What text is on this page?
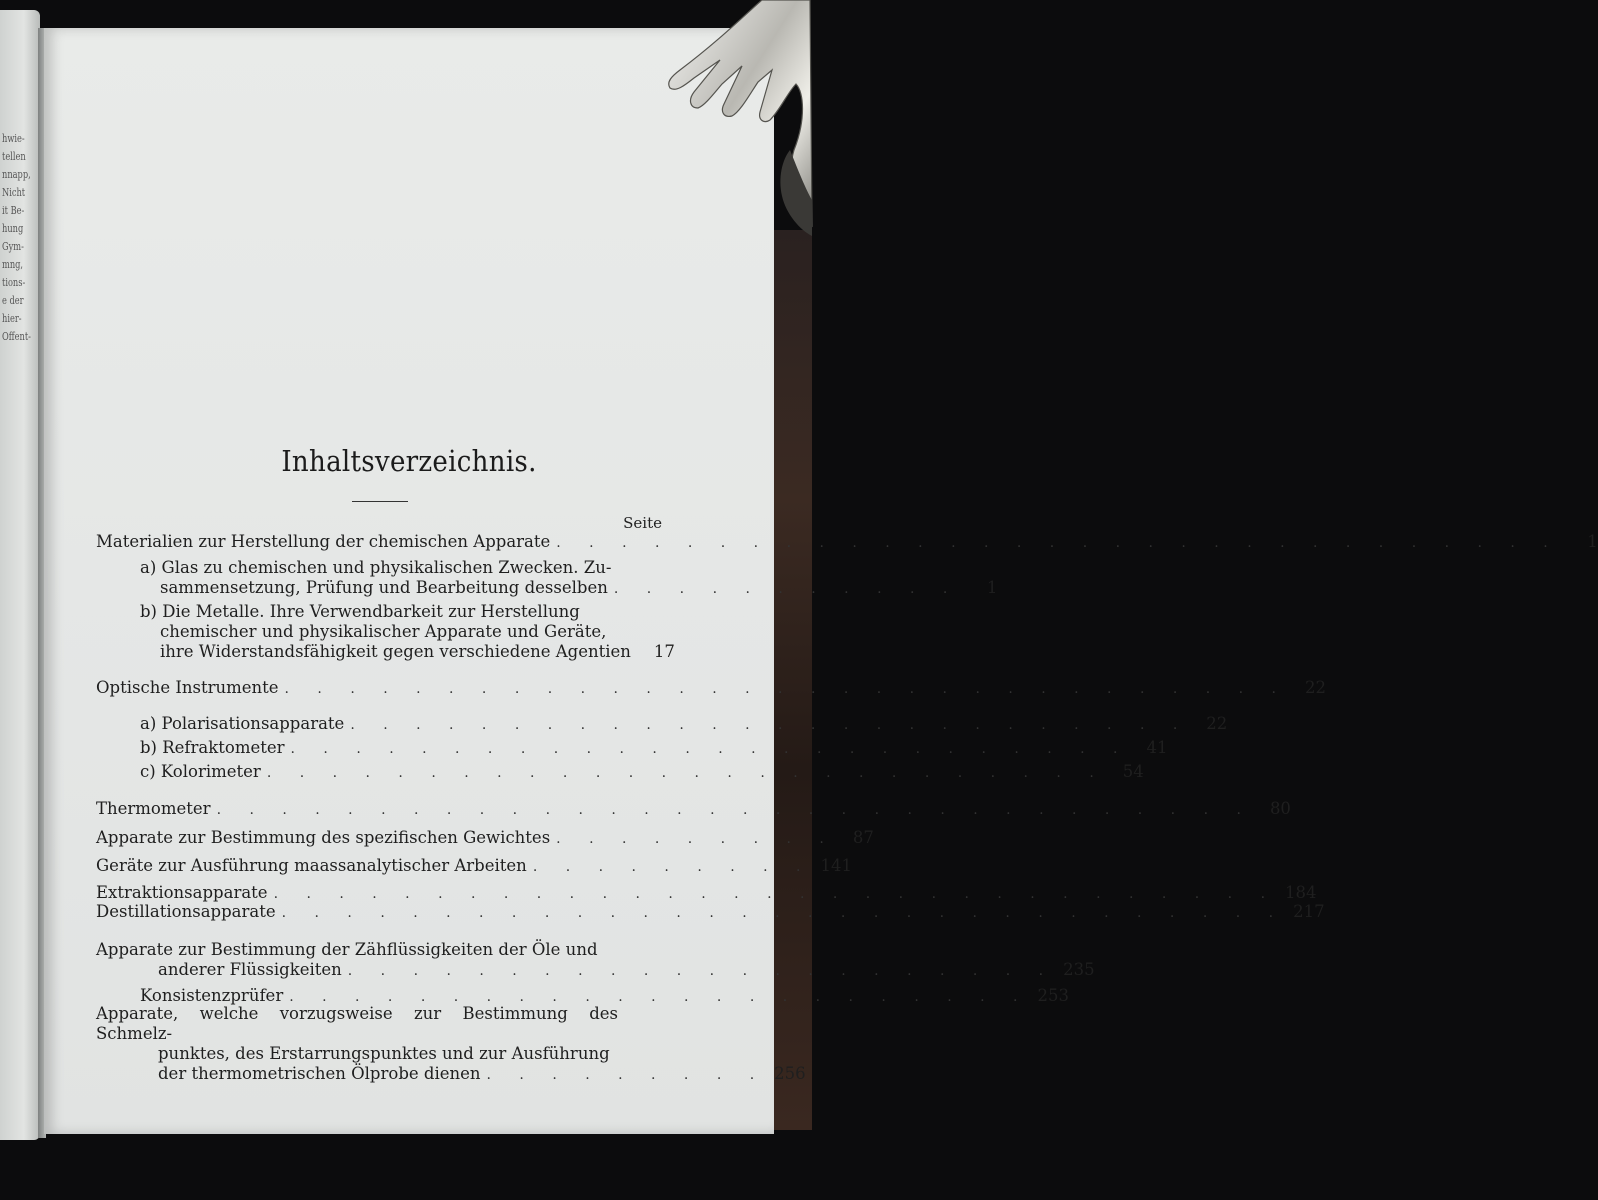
hwie-
tellen
nnapp,
Nicht
it Be-
hung
Gym-
mng,
tions-
e der
hier-
Offent-
Inhaltsverzeichnis.
Seite
Materialien zur Herstellung der chemischen Apparate . . . . . . . . . . . . . . . . . . . . . . . . . . . . . . .	1
a) Glas zu chemischen und physikalischen Zwecken. Zu-
sammensetzung, Prüfung und Bearbeitung desselben . . . . . . . . . . .	1
b) Die Metalle. Ihre Verwendbarkeit zur Herstellung
chemischer und physikalischer Apparate und Geräte,
ihre Widerstandsfähigkeit gegen verschiedene Agentien	17
Optische Instrumente . . . . . . . . . . . . . . . . . . . . . . . . . . . . . . .	22
a) Polarisationsapparate . . . . . . . . . . . . . . . . . . . . . . . . . .	22
b) Refraktometer . . . . . . . . . . . . . . . . . . . . . . . . . .	41
c) Kolorimeter . . . . . . . . . . . . . . . . . . . . . . . . . .	54
Thermometer . . . . . . . . . . . . . . . . . . . . . . . . . . . . . . . .	80
Apparate zur Bestimmung des spezifischen Gewichtes . . . . . . . . .	87
Geräte zur Ausführung maassanalytischer Arbeiten . . . . . . . . . 141
Extraktionsapparate . . . . . . . . . . . . . . . . . . . . . . . . . . . . . . . 184
Destillationsapparate . . . . . . . . . . . . . . . . . . . . . . . . . . . . . . . 217
Apparate zur Bestimmung der Zähflüssigkeiten der Öle und
anderer Flüssigkeiten . . . . . . . . . . . . . . . . . . . . . . 235
Konsistenzprüfer . . . . . . . . . . . . . . . . . . . . . . . 253
Apparate, welche vorzugsweise zur Bestimmung des Schmelz-
punktes, des Erstarrungspunktes und zur Ausführung
der thermometrischen Ölprobe dienen . . . . . . . . . 256
